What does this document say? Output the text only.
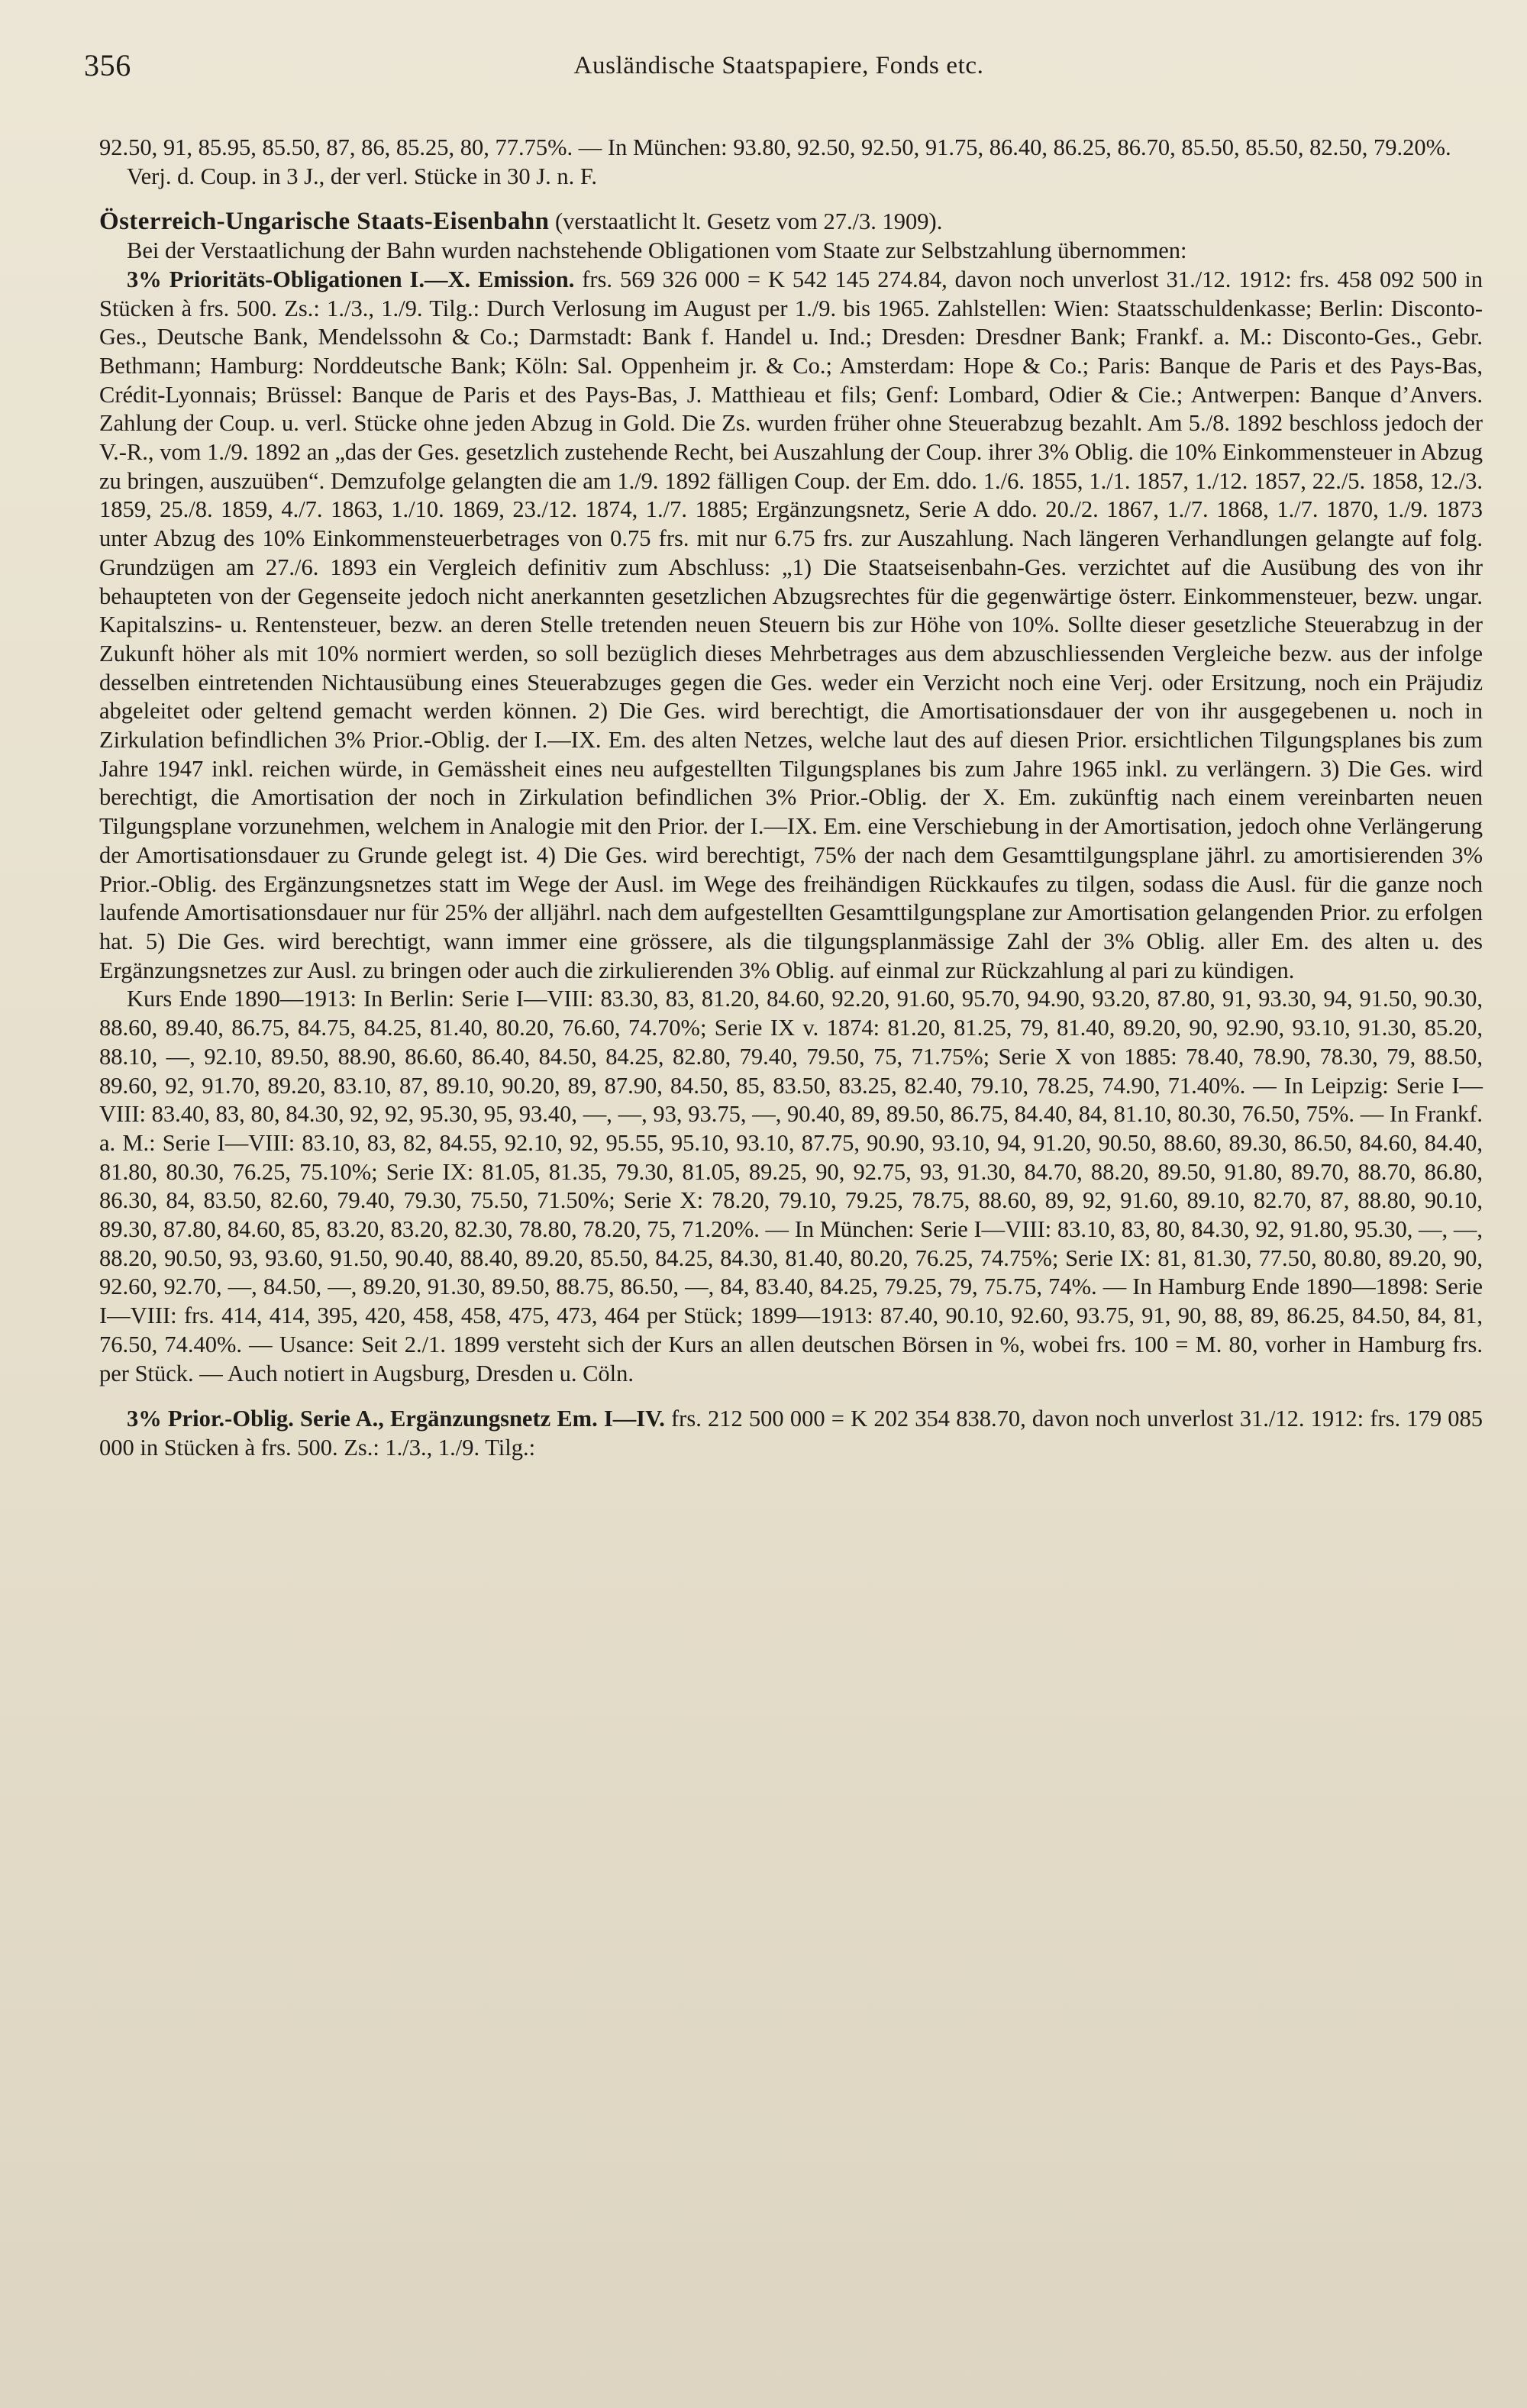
356	Ausländische Staatspapiere, Fonds etc.

92.50, 91, 85.95, 85.50, 87, 86, 85.25, 80, 77.75%. — In München: 93.80, 92.50, 92.50, 91.75, 86.40, 86.25, 86.70, 85.50, 85.50, 82.50, 79.20%.

Verj. d. Coup. in 3 J., der verl. Stücke in 30 J. n. F.

Österreich-Ungarische Staats-Eisenbahn (verstaatlicht lt. Gesetz vom 27./3. 1909).

Bei der Verstaatlichung der Bahn wurden nachstehende Obligationen vom Staate zur Selbstzahlung übernommen:

3% Prioritäts-Obligationen I.—X. Emission. frs. 569 326 000 = K 542 145 274.84, davon noch unverlost 31./12. 1912: frs. 458 092 500 in Stücken à frs. 500. Zs.: 1./3., 1./9. Tilg.: Durch Verlosung im August per 1./9. bis 1965. Zahlstellen: Wien: Staatsschuldenkasse; Berlin: Disconto-Ges., Deutsche Bank, Mendelssohn & Co.; Darmstadt: Bank f. Handel u. Ind.; Dresden: Dresdner Bank; Frankf. a. M.: Disconto-Ges., Gebr. Bethmann; Hamburg: Norddeutsche Bank; Köln: Sal. Oppenheim jr. & Co.; Amsterdam: Hope & Co.; Paris: Banque de Paris et des Pays-Bas, Crédit-Lyonnais; Brüssel: Banque de Paris et des Pays-Bas, J. Matthieau et fils; Genf: Lombard, Odier & Cie.; Antwerpen: Banque d’Anvers. Zahlung der Coup. u. verl. Stücke ohne jeden Abzug in Gold. Die Zs. wurden früher ohne Steuerabzug bezahlt. Am 5./8. 1892 beschloss jedoch der V.-R., vom 1./9. 1892 an „das der Ges. gesetzlich zustehende Recht, bei Auszahlung der Coup. ihrer 3% Oblig. die 10% Einkommensteuer in Abzug zu bringen, auszuüben“. Demzufolge gelangten die am 1./9. 1892 fälligen Coup. der Em. ddo. 1./6. 1855, 1./1. 1857, 1./12. 1857, 22./5. 1858, 12./3. 1859, 25./8. 1859, 4./7. 1863, 1./10. 1869, 23./12. 1874, 1./7. 1885; Ergänzungsnetz, Serie A ddo. 20./2. 1867, 1./7. 1868, 1./7. 1870, 1./9. 1873 unter Abzug des 10% Einkommensteuerbetrages von 0.75 frs. mit nur 6.75 frs. zur Auszahlung. Nach längeren Verhandlungen gelangte auf folg. Grundzügen am 27./6. 1893 ein Vergleich definitiv zum Abschluss: „1) Die Staatseisenbahn-Ges. verzichtet auf die Ausübung des von ihr behaupteten von der Gegenseite jedoch nicht anerkannten gesetzlichen Abzugsrechtes für die gegenwärtige österr. Einkommensteuer, bezw. ungar. Kapitalszins- u. Rentensteuer, bezw. an deren Stelle tretenden neuen Steuern bis zur Höhe von 10%. Sollte dieser gesetzliche Steuerabzug in der Zukunft höher als mit 10% normiert werden, so soll bezüglich dieses Mehrbetrages aus dem abzuschliessenden Vergleiche bezw. aus der infolge desselben eintretenden Nichtausübung eines Steuerabzuges gegen die Ges. weder ein Verzicht noch eine Verj. oder Ersitzung, noch ein Präjudiz abgeleitet oder geltend gemacht werden können. 2) Die Ges. wird berechtigt, die Amortisationsdauer der von ihr ausgegebenen u. noch in Zirkulation befindlichen 3% Prior.-Oblig. der I.—IX. Em. des alten Netzes, welche laut des auf diesen Prior. ersichtlichen Tilgungsplanes bis zum Jahre 1947 inkl. reichen würde, in Gemässheit eines neu aufgestellten Tilgungsplanes bis zum Jahre 1965 inkl. zu verlängern. 3) Die Ges. wird berechtigt, die Amortisation der noch in Zirkulation befindlichen 3% Prior.-Oblig. der X. Em. zukünftig nach einem vereinbarten neuen Tilgungsplane vorzunehmen, welchem in Analogie mit den Prior. der I.—IX. Em. eine Verschiebung in der Amortisation, jedoch ohne Verlängerung der Amortisationsdauer zu Grunde gelegt ist. 4) Die Ges. wird berechtigt, 75% der nach dem Gesamttilgungsplane jährl. zu amortisierenden 3% Prior.-Oblig. des Ergänzungsnetzes statt im Wege der Ausl. im Wege des freihändigen Rückkaufes zu tilgen, sodass die Ausl. für die ganze noch laufende Amortisationsdauer nur für 25% der alljährl. nach dem aufgestellten Gesamttilgungsplane zur Amortisation gelangenden Prior. zu erfolgen hat. 5) Die Ges. wird berechtigt, wann immer eine grössere, als die tilgungsplanmässige Zahl der 3% Oblig. aller Em. des alten u. des Ergänzungsnetzes zur Ausl. zu bringen oder auch die zirkulierenden 3% Oblig. auf einmal zur Rückzahlung al pari zu kündigen.

Kurs Ende 1890—1913: In Berlin: Serie I—VIII: 83.30, 83, 81.20, 84.60, 92.20, 91.60, 95.70, 94.90, 93.20, 87.80, 91, 93.30, 94, 91.50, 90.30, 88.60, 89.40, 86.75, 84.75, 84.25, 81.40, 80.20, 76.60, 74.70%; Serie IX v. 1874: 81.20, 81.25, 79, 81.40, 89.20, 90, 92.90, 93.10, 91.30, 85.20, 88.10, —, 92.10, 89.50, 88.90, 86.60, 86.40, 84.50, 84.25, 82.80, 79.40, 79.50, 75, 71.75%; Serie X von 1885: 78.40, 78.90, 78.30, 79, 88.50, 89.60, 92, 91.70, 89.20, 83.10, 87, 89.10, 90.20, 89, 87.90, 84.50, 85, 83.50, 83.25, 82.40, 79.10, 78.25, 74.90, 71.40%. — In Leipzig: Serie I—VIII: 83.40, 83, 80, 84.30, 92, 92, 95.30, 95, 93.40, —, —, 93, 93.75, —, 90.40, 89, 89.50, 86.75, 84.40, 84, 81.10, 80.30, 76.50, 75%. — In Frankf. a. M.: Serie I—VIII: 83.10, 83, 82, 84.55, 92.10, 92, 95.55, 95.10, 93.10, 87.75, 90.90, 93.10, 94, 91.20, 90.50, 88.60, 89.30, 86.50, 84.60, 84.40, 81.80, 80.30, 76.25, 75.10%; Serie IX: 81.05, 81.35, 79.30, 81.05, 89.25, 90, 92.75, 93, 91.30, 84.70, 88.20, 89.50, 91.80, 89.70, 88.70, 86.80, 86.30, 84, 83.50, 82.60, 79.40, 79.30, 75.50, 71.50%; Serie X: 78.20, 79.10, 79.25, 78.75, 88.60, 89, 92, 91.60, 89.10, 82.70, 87, 88.80, 90.10, 89.30, 87.80, 84.60, 85, 83.20, 83.20, 82.30, 78.80, 78.20, 75, 71.20%. — In München: Serie I—VIII: 83.10, 83, 80, 84.30, 92, 91.80, 95.30, —, —, 88.20, 90.50, 93, 93.60, 91.50, 90.40, 88.40, 89.20, 85.50, 84.25, 84.30, 81.40, 80.20, 76.25, 74.75%; Serie IX: 81, 81.30, 77.50, 80.80, 89.20, 90, 92.60, 92.70, —, 84.50, —, 89.20, 91.30, 89.50, 88.75, 86.50, —, 84, 83.40, 84.25, 79.25, 79, 75.75, 74%. — In Hamburg Ende 1890—1898: Serie I—VIII: frs. 414, 414, 395, 420, 458, 458, 475, 473, 464 per Stück; 1899—1913: 87.40, 90.10, 92.60, 93.75, 91, 90, 88, 89, 86.25, 84.50, 84, 81, 76.50, 74.40%. — Usance: Seit 2./1. 1899 versteht sich der Kurs an allen deutschen Börsen in %, wobei frs. 100 = M. 80, vorher in Hamburg frs. per Stück. — Auch notiert in Augsburg, Dresden u. Cöln.

3% Prior.-Oblig. Serie A., Ergänzungsnetz Em. I—IV. frs. 212 500 000 = K 202 354 838.70, davon noch unverlost 31./12. 1912: frs. 179 085 000 in Stücken à frs. 500. Zs.: 1./3., 1./9. Tilg.:
